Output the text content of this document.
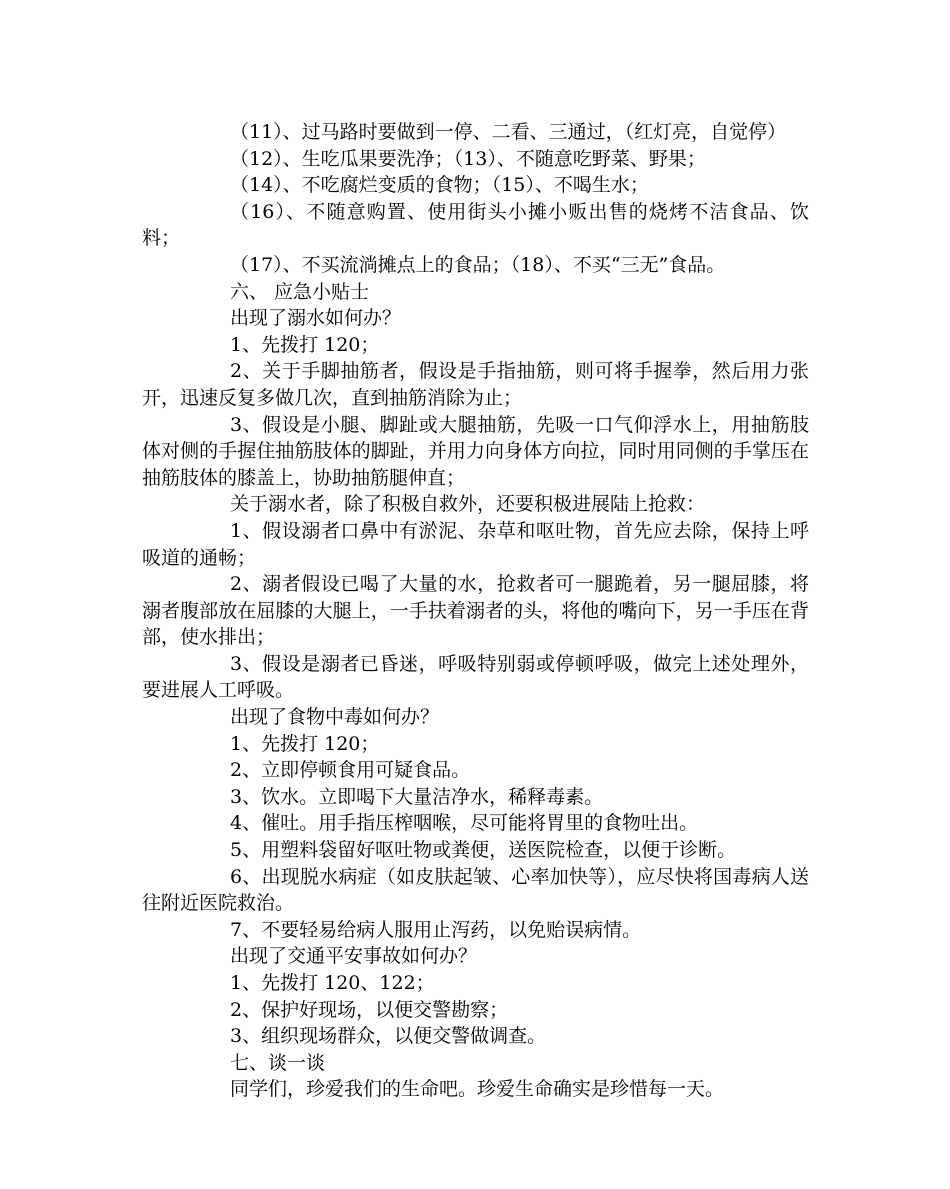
（11）、过马路时要做到一停、二看、三通过，（红灯亮，自觉停）

（12）、生吃瓜果要洗净；（13）、不随意吃野菜、野果；

（14）、不吃腐烂变质的食物；（15）、不喝生水；

（16）、不随意购置、使用街头小摊小贩出售的烧烤不洁食品、饮料；

（17）、不买流淌摊点上的食品；（18）、不买“三无”食品。

六、 应急小贴士

出现了溺水如何办？

1、先拨打 120；

2、关于手脚抽筋者，假设是手指抽筋，则可将手握拳，然后用力张开，迅速反复多做几次，直到抽筋消除为止；

3、假设是小腿、脚趾或大腿抽筋，先吸一口气仰浮水上，用抽筋肢体对侧的手握住抽筋肢体的脚趾，并用力向身体方向拉，同时用同侧的手掌压在抽筋肢体的膝盖上，协助抽筋腿伸直；

关于溺水者，除了积极自救外，还要积极进展陆上抢救：

1、假设溺者口鼻中有淤泥、杂草和呕吐物，首先应去除，保持上呼吸道的通畅；

2、溺者假设已喝了大量的水，抢救者可一腿跪着，另一腿屈膝，将溺者腹部放在屈膝的大腿上，一手扶着溺者的头，将他的嘴向下，另一手压在背部，使水排出；

3、假设是溺者已昏迷，呼吸特别弱或停顿呼吸，做完上述处理外，要进展人工呼吸。

出现了食物中毒如何办？

1、先拨打 120；

2、立即停顿食用可疑食品。

3、饮水。立即喝下大量洁净水，稀释毒素。

4、催吐。用手指压榨咽喉，尽可能将胃里的食物吐出。

5、用塑料袋留好呕吐物或粪便，送医院检查，以便于诊断。

6、出现脱水病症（如皮肤起皱、心率加快等），应尽快将国毒病人送往附近医院救治。

7、不要轻易给病人服用止泻药，以免贻误病情。

出现了交通平安事故如何办？

1、先拨打 120、122；

2、保护好现场，以便交警勘察；

3、组织现场群众，以便交警做调查。

七、谈一谈

同学们，珍爱我们的生命吧。珍爱生命确实是珍惜每一天。
